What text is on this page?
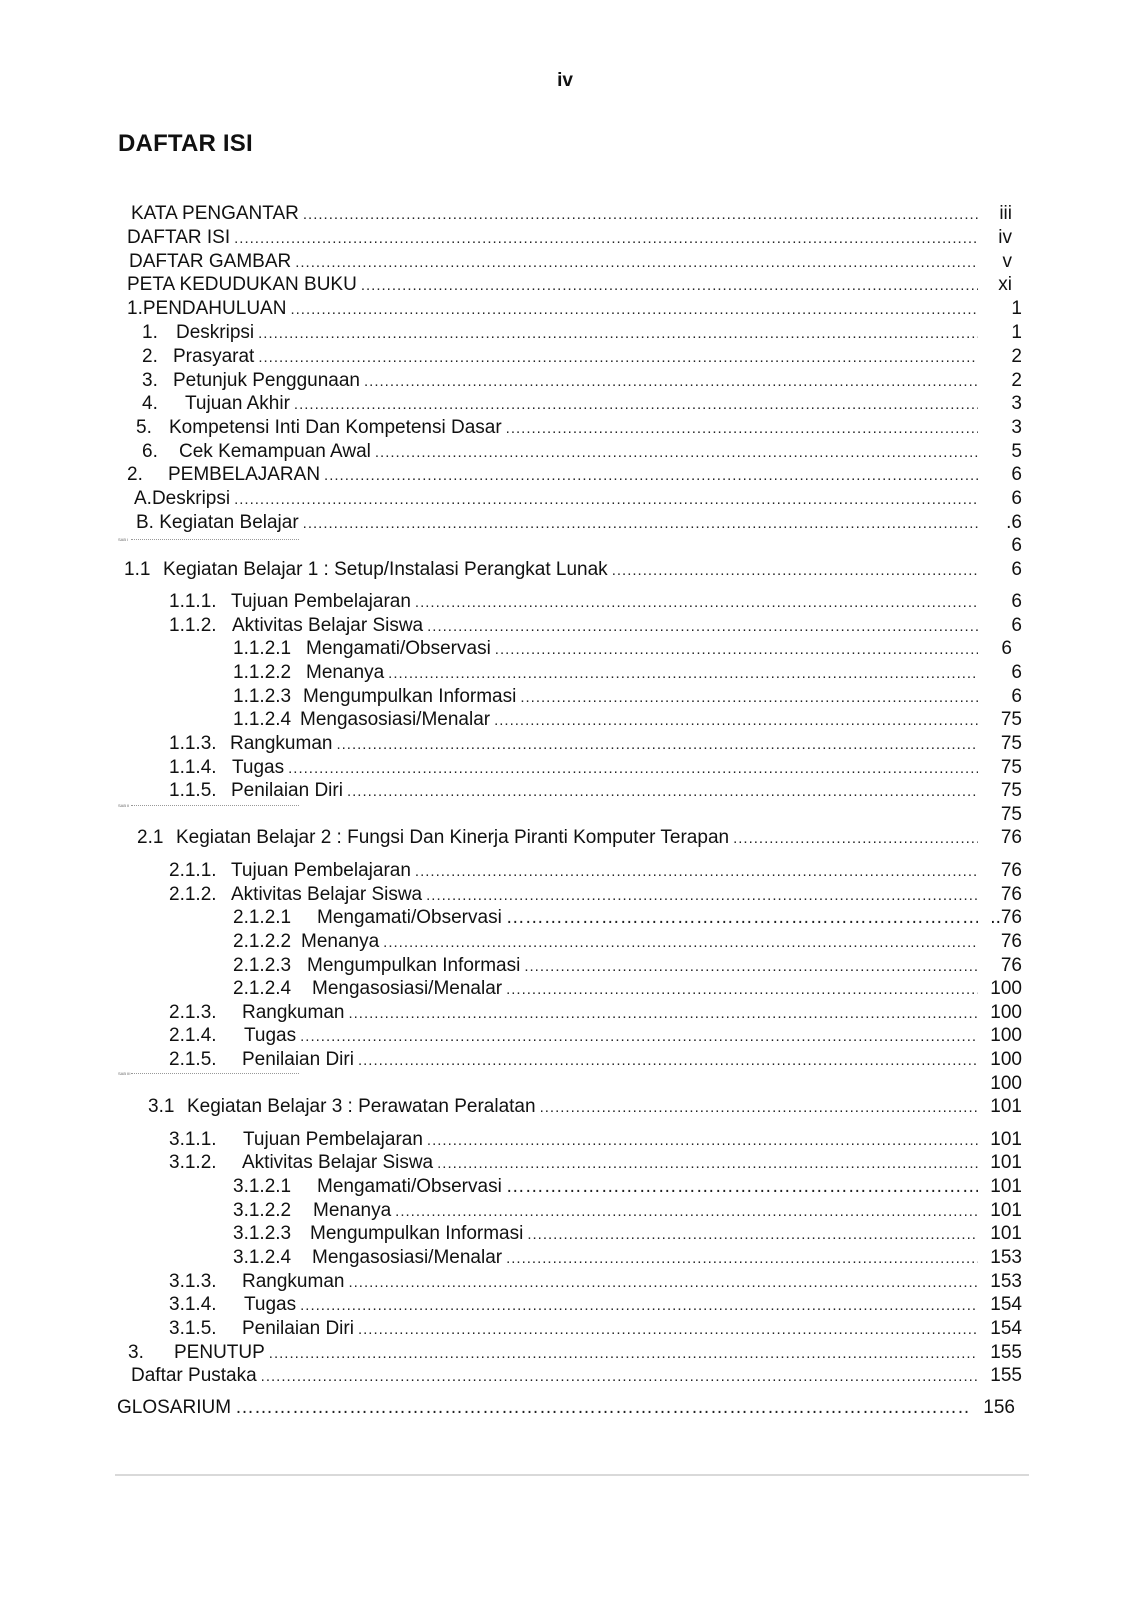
iv
DAFTAR ISI
SAB I
SAB II
SAB III
KATA PENGANTAR .....	iii
DAFTAR ISI .....	iv
DAFTAR GAMBAR .....	v
PETA KEDUDUKAN BUKU .....	xi
1.PENDAHULUAN .....	1
1. Deskripsi .....	1
2. Prasyarat .....	2
3. Petunjuk Penggunaan .....	2
4.	Tujuan Akhir .....	3
5. Kompetensi Inti Dan Kompetensi Dasar .....	3
6.	Cek Kemampuan Awal .....	5
2.	PEMBELAJARAN .....	6
A.Deskripsi .....	6
B. Kegiatan Belajar .....	.6
6
1.1 Kegiatan Belajar 1 : Setup/Instalasi Perangkat Lunak .....	6
1.1.1. Tujuan Pembelajaran .....	6
1.1.2. Aktivitas Belajar Siswa .....	6
1.1.2.1 Mengamati/Observasi .....	6
1.1.2.2 Menanya .....	6
1.1.2.3 Mengumpulkan Informasi .....	6
1.1.2.4 Mengasosiasi/Menalar .....	75
1.1.3. Rangkuman .....	75
1.1.4. Tugas .....	75
1.1.5. Penilaian Diri .....	75
75
2.1 Kegiatan Belajar 2 : Fungsi Dan Kinerja Piranti Komputer Terapan .....	76
2.1.1. Tujuan Pembelajaran .....	76
2.1.2. Aktivitas Belajar Siswa .....	76
2.1.2.1	Mengamati/Observasi ……………………………………………………………………………………………………………………………………………………	..76
2.1.2.2 Menanya .....	76
2.1.2.3 Mengumpulkan Informasi .....	76
2.1.2.4	Mengasosiasi/Menalar .....	100
2.1.3.	Rangkuman .....	100
2.1.4.	Tugas .....	100
2.1.5.	Penilaian Diri .....	100
100
3.1 Kegiatan Belajar 3 : Perawatan Peralatan .....	101
3.1.1.	Tujuan Pembelajaran .....	101
3.1.2.	Aktivitas Belajar Siswa .....	101
3.1.2.1	Mengamati/Observasi ……………………………………………………………………………………………………………………………………………………	101
3.1.2.2	Menanya .....	101
3.1.2.3 Mengumpulkan Informasi .....	101
3.1.2.4	Mengasosiasi/Menalar .....	153
3.1.3.	Rangkuman .....	153
3.1.4.	Tugas .....	154
3.1.5.	Penilaian Diri .....	154
3.	PENUTUP .....	155
Daftar Pustaka .....	155
GLOSARIUM ……………………………………………………………………………………………………………………………………………………	156
